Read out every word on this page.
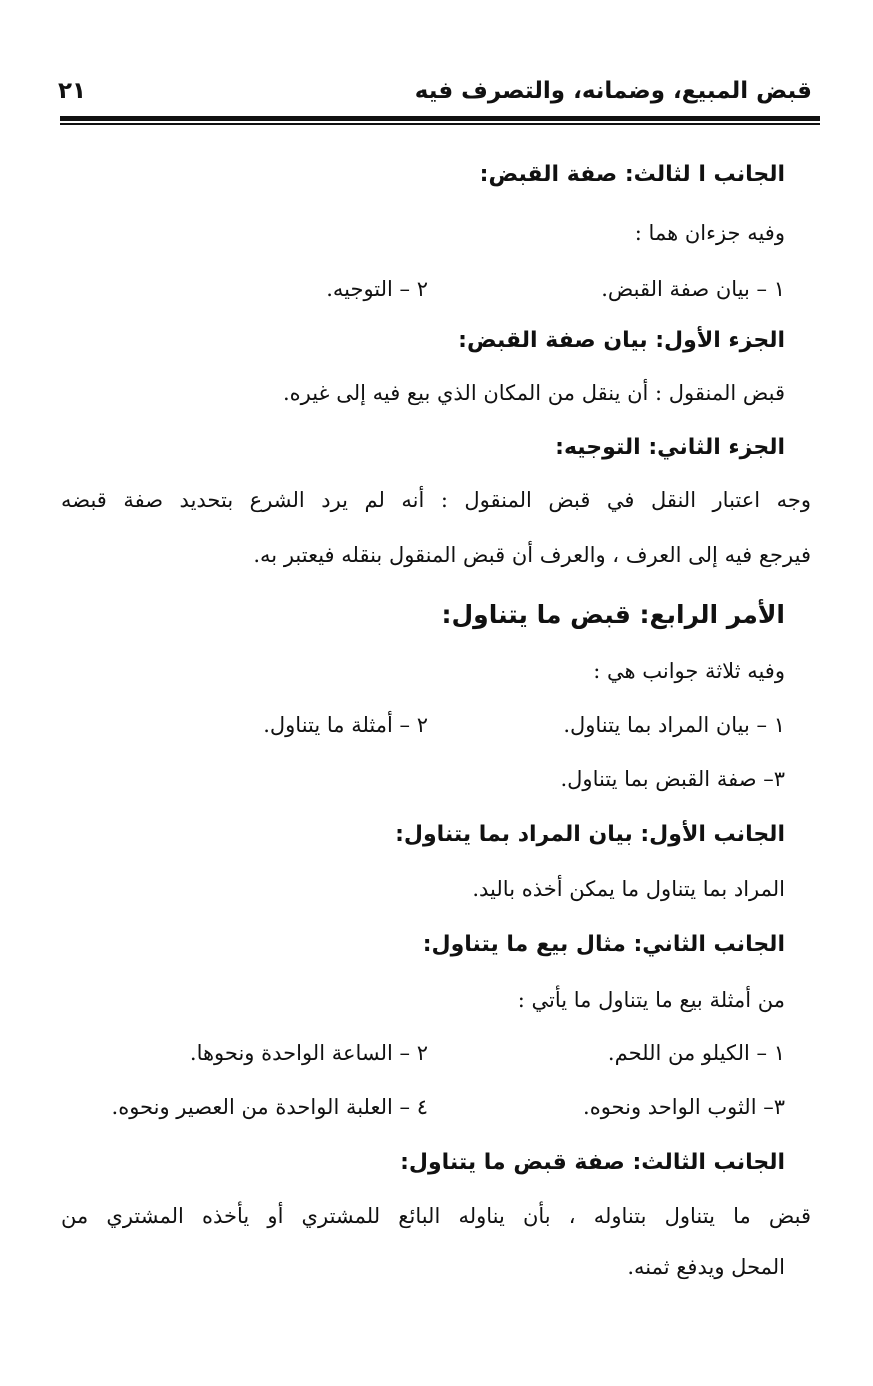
قبض المبيع، وضمانه، والتصرف فيه
٢١
الجانب ا لثالث: صفة القبض:
وفيه جزءان هما :
١ – بيان صفة القبض.
٢ – التوجيه.
الجزء الأول: بيان صفة القبض:
قبض المنقول : أن ينقل من المكان الذي بيع فيه إلى غيره.
الجزء الثاني: التوجيه:
وجه اعتبار النقل في قبض المنقول : أنه لم يرد الشرع بتحديد صفة قبضه
فيرجع فيه إلى العرف ، والعرف أن قبض المنقول بنقله فيعتبر به.
الأمر الرابع: قبض ما يتناول:
وفيه ثلاثة جوانب هي :
١ – بيان المراد بما يتناول.
٢ – أمثلة ما يتناول.
٣– صفة القبض بما يتناول.
الجانب الأول: بيان المراد بما يتناول:
المراد بما يتناول ما يمكن أخذه باليد.
الجانب الثاني: مثال بيع ما يتناول:
من أمثلة بيع ما يتناول ما يأتي :
١ – الكيلو من اللحم.
٢ – الساعة الواحدة ونحوها.
٣– الثوب الواحد ونحوه.
٤ – العلبة الواحدة من العصير ونحوه.
الجانب الثالث: صفة قبض ما يتناول:
قبض ما يتناول بتناوله ، بأن يناوله البائع للمشتري أو يأخذه المشتري من
المحل ويدفع ثمنه.
